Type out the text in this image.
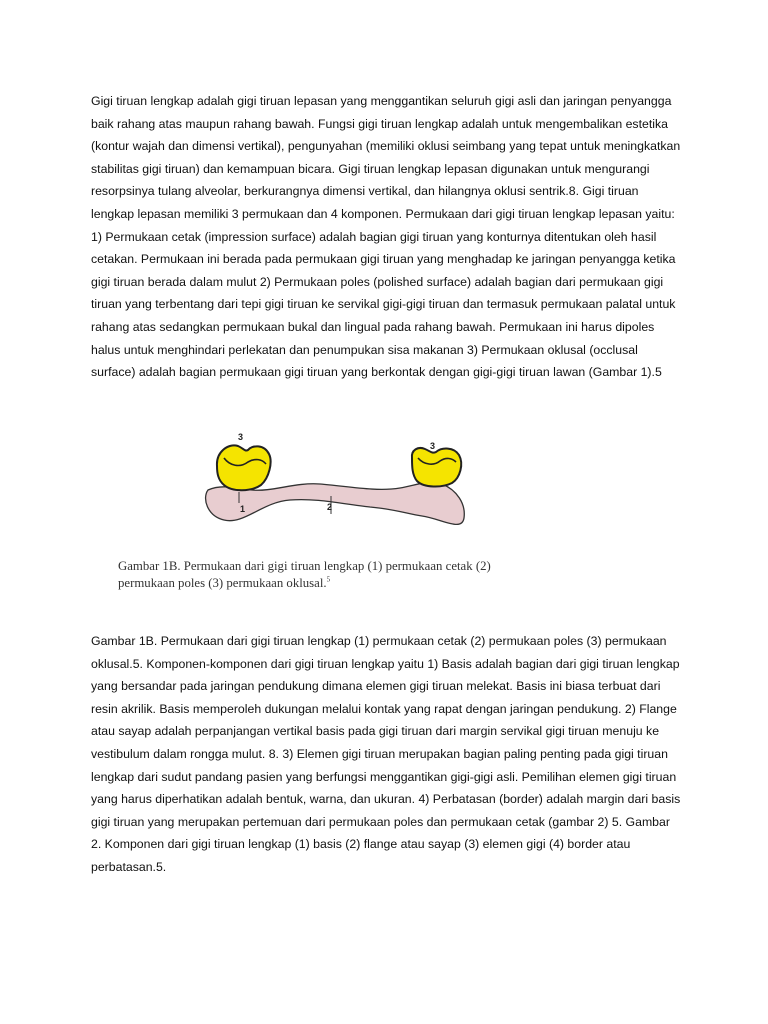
Gigi tiruan lengkap adalah gigi tiruan lepasan yang menggantikan seluruh gigi asli dan jaringan penyangga baik rahang atas maupun rahang bawah. Fungsi gigi tiruan lengkap adalah untuk mengembalikan estetika (kontur wajah dan dimensi vertikal), pengunyahan (memiliki oklusi seimbang yang tepat untuk meningkatkan stabilitas gigi tiruan) dan kemampuan bicara. Gigi tiruan lengkap lepasan digunakan untuk mengurangi resorpsinya tulang alveolar, berkurangnya dimensi vertikal, dan hilangnya oklusi sentrik.8. Gigi tiruan lengkap lepasan memiliki 3 permukaan dan 4 komponen. Permukaan dari gigi tiruan lengkap lepasan yaitu: 1) Permukaan cetak (impression surface) adalah bagian gigi tiruan yang konturnya ditentukan oleh hasil cetakan. Permukaan ini berada pada permukaan gigi tiruan yang menghadap ke jaringan penyangga ketika gigi tiruan berada dalam mulut 2) Permukaan poles (polished surface) adalah bagian dari permukaan gigi tiruan yang terbentang dari tepi gigi tiruan ke servikal gigi-gigi tiruan dan termasuk permukaan palatal untuk rahang atas sedangkan permukaan bukal dan lingual pada rahang bawah. Permukaan ini harus dipoles halus untuk menghindari perlekatan dan penumpukan sisa makanan 3) Permukaan oklusal (occlusal surface) adalah bagian permukaan gigi tiruan yang berkontak dengan gigi-gigi tiruan lawan (Gambar 1).5

3
3
1	2

Gambar 1B. Permukaan dari gigi tiruan lengkap (1) permukaan cetak (2) permukaan poles (3) permukaan oklusal.$^5$

Gambar 1B. Permukaan dari gigi tiruan lengkap (1) permukaan cetak (2) permukaan poles (3) permukaan oklusal.5. Komponen-komponen dari gigi tiruan lengkap yaitu 1) Basis adalah bagian dari gigi tiruan lengkap yang bersandar pada jaringan pendukung dimana elemen gigi tiruan melekat. Basis ini biasa terbuat dari resin akrilik. Basis memperoleh dukungan melalui kontak yang rapat dengan jaringan pendukung. 2) Flange atau sayap adalah perpanjangan vertikal basis pada gigi tiruan dari margin servikal gigi tiruan menuju ke vestibulum dalam rongga mulut. 8. 3) Elemen gigi tiruan merupakan bagian paling penting pada gigi tiruan lengkap dari sudut pandang pasien yang berfungsi menggantikan gigi-gigi asli. Pemilihan elemen gigi tiruan yang harus diperhatikan adalah bentuk, warna, dan ukuran. 4) Perbatasan (border) adalah margin dari basis gigi tiruan yang merupakan pertemuan dari permukaan poles dan permukaan cetak (gambar 2) 5. Gambar 2. Komponen dari gigi tiruan lengkap (1) basis (2) flange atau sayap (3) elemen gigi (4) border atau perbatasan.5.
